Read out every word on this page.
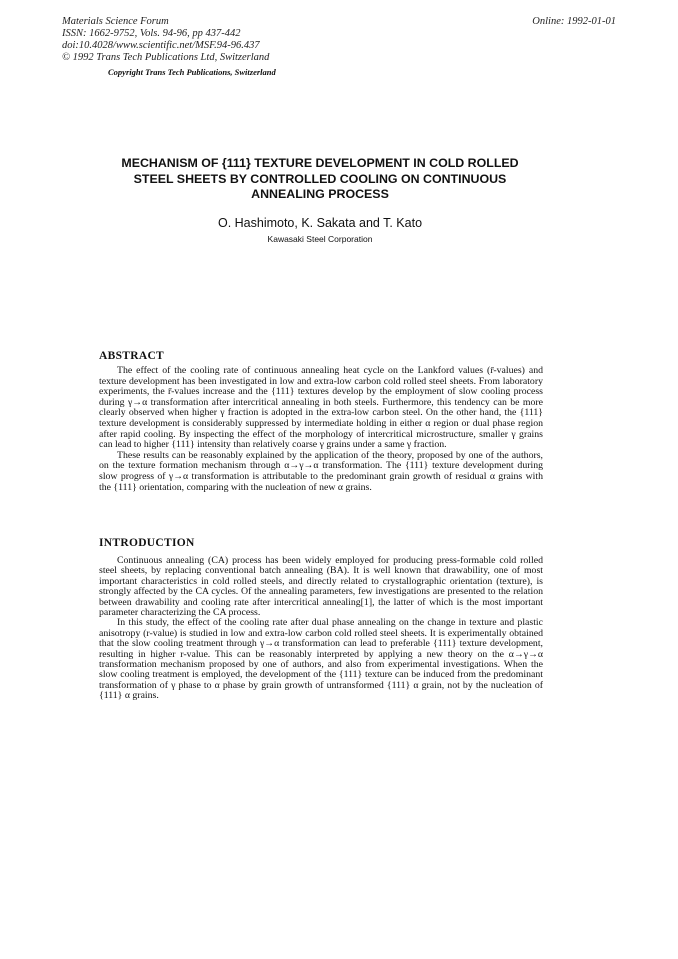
Materials Science Forum
ISSN: 1662-9752, Vols. 94-96, pp 437-442
doi:10.4028/www.scientific.net/MSF.94-96.437
© 1992 Trans Tech Publications Ltd, Switzerland
Online: 1992-01-01
Copyright Trans Tech Publications, Switzerland
MECHANISM OF {111} TEXTURE DEVELOPMENT IN COLD ROLLED
STEEL SHEETS BY CONTROLLED COOLING ON CONTINUOUS
ANNEALING PROCESS
O. Hashimoto, K. Sakata and T. Kato
Kawasaki Steel Corporation
ABSTRACT

The effect of the cooling rate of continuous annealing heat cycle on the Lankford values (r̄-values) and texture development has been investigated in low and extra-low carbon cold rolled steel sheets. From laboratory experiments, the r̄-values increase and the {111} textures develop by the employment of slow cooling process during γ→α transformation after intercritical annealing in both steels. Furthermore, this tendency can be more clearly observed when higher γ fraction is adopted in the extra-low carbon steel. On the other hand, the {111} texture development is considerably suppressed by intermediate holding in either α region or dual phase region after rapid cooling. By inspecting the effect of the morphology of intercritical microstructure, smaller γ grains can lead to higher {111} intensity than relatively coarse γ grains under a same γ fraction.

These results can be reasonably explained by the application of the theory, proposed by one of the authors, on the texture formation mechanism through α→γ→α transformation. The {111} texture development during slow progress of γ→α transformation is attributable to the predominant grain growth of residual α grains with the {111} orientation, comparing with the nucleation of new α grains.

INTRODUCTION

Continuous annealing (CA) process has been widely employed for producing press-formable cold rolled steel sheets, by replacing conventional batch annealing (BA). It is well known that drawability, one of most important characteristics in cold rolled steels, and directly related to crystallographic orientation (texture), is strongly affected by the CA cycles. Of the annealing parameters, few investigations are presented to the relation between drawability and cooling rate after intercritical annealing[1], the latter of which is the most important parameter characterizing the CA process.

In this study, the effect of the cooling rate after dual phase annealing on the change in texture and plastic anisotropy (r-value) is studied in low and extra-low carbon cold rolled steel sheets. It is experimentally obtained that the slow cooling treatment through γ→α transformation can lead to preferable {111} texture development, resulting in higher r-value. This can be reasonably interpreted by applying a new theory on the α→γ→α transformation mechanism proposed by one of authors, and also from experimental investigations. When the slow cooling treatment is employed, the development of the {111} texture can be induced from the predominant transformation of γ phase to α phase by grain growth of untransformed {111} α grain, not by the nucleation of {111} α grains.
